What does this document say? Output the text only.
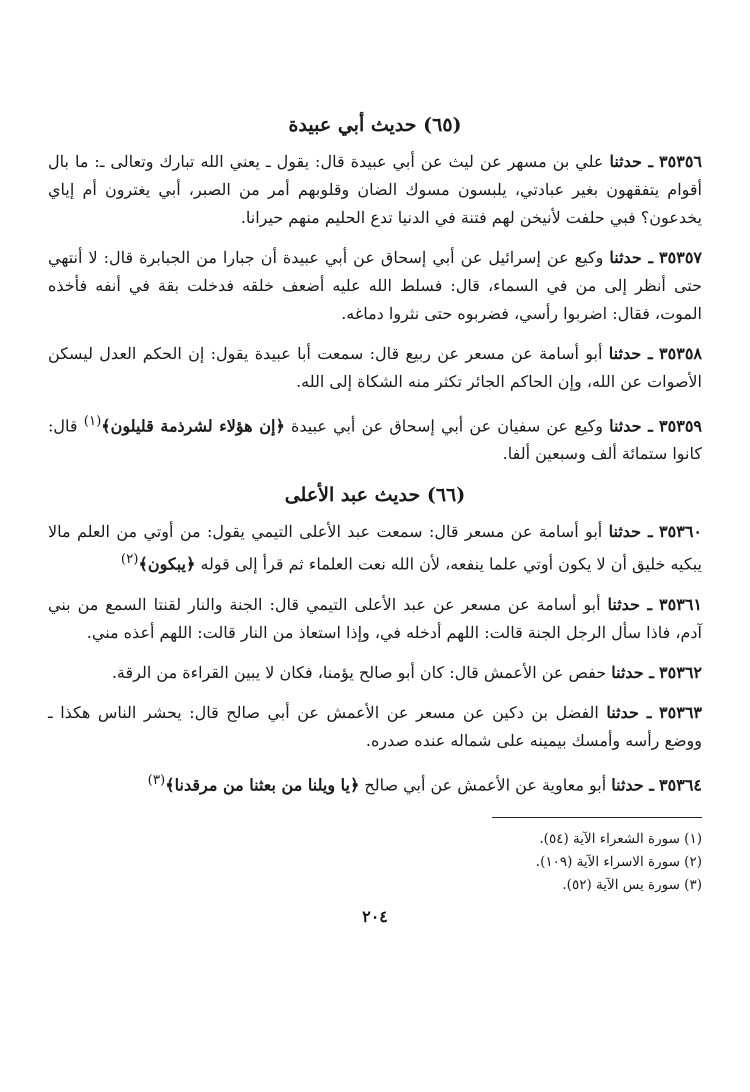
(٦٥) حديث أبي عبيدة

٣٥٣٥٦ ـ حدثنا علي بن مسهر عن ليث عن أبي عبيدة قال: يقول ـ يعني الله تبارك وتعالى ـ: ما بال أقوام يتفقهون بغير عبادتي، يلبسون مسوك الضان وقلوبهم أمر من الصبر، أبي يغترون أم إياي يخدعون؟ فبي حلفت لأنيخن لهم فتنة في الدنيا تدع الحليم منهم حيرانا.

٣٥٣٥٧ ـ حدثنا وكيع عن إسرائيل عن أبي إسحاق عن أبي عبيدة أن جبارا من الجبابرة قال: لا أنتهي حتى أنظر إلى من في السماء، قال: فسلط الله عليه أضعف خلقه فدخلت بقة في أنفه فأخذه الموت، فقال: اضربوا رأسي، فضربوه حتى نثروا دماغه.

٣٥٣٥٨ ـ حدثنا أبو أسامة عن مسعر عن ربيع قال: سمعت أبا عبيدة يقول: إن الحكم العدل ليسكن الأصوات عن الله، وإن الحاكم الجائر تكثر منه الشكاة إلى الله.

٣٥٣٥٩ ـ حدثنا وكيع عن سفيان عن أبي إسحاق عن أبي عبيدة ﴿إن هؤلاء لشرذمة قليلون﴾$^{(١)}$ قال: كانوا ستمائة ألف وسبعين ألفا.

(٦٦) حديث عبد الأعلى

٣٥٣٦٠ ـ حدثنا أبو أسامة عن مسعر قال: سمعت عبد الأعلى التيمي يقول: من أوتي من العلم مالا يبكيه خليق أن لا يكون أوتي علما ينفعه، لأن الله نعت العلماء ثم قرأ إلى قوله ﴿يبكون﴾$^{(٢)}$

٣٥٣٦١ ـ حدثنا أبو أسامة عن مسعر عن عبد الأعلى التيمي قال: الجنة والنار لقنتا السمع من بني آدم، فاذا سأل الرجل الجنة قالت: اللهم أدخله في، وإذا استعاذ من النار قالت: اللهم أعذه مني.

٣٥٣٦٢ ـ حدثنا حفص عن الأعمش قال: كان أبو صالح يؤمنا، فكان لا يبين القراءة من الرقة.

٣٥٣٦٣ ـ حدثنا الفضل بن دكين عن مسعر عن الأعمش عن أبي صالح قال: يحشر الناس هكذا ـ ووضع رأسه وأمسك بيمينه على شماله عنده صدره.

٣٥٣٦٤ ـ حدثنا أبو معاوية عن الأعمش عن أبي صالح ﴿يا ويلنا من بعثنا من مرقدنا﴾$^{(٣)}$

(١) سورة الشعراء الآية (٥٤).

(٢) سورة الاسراء الآية (١٠٩).

(٣) سورة يس الآية (٥٢).

٢٠٤
